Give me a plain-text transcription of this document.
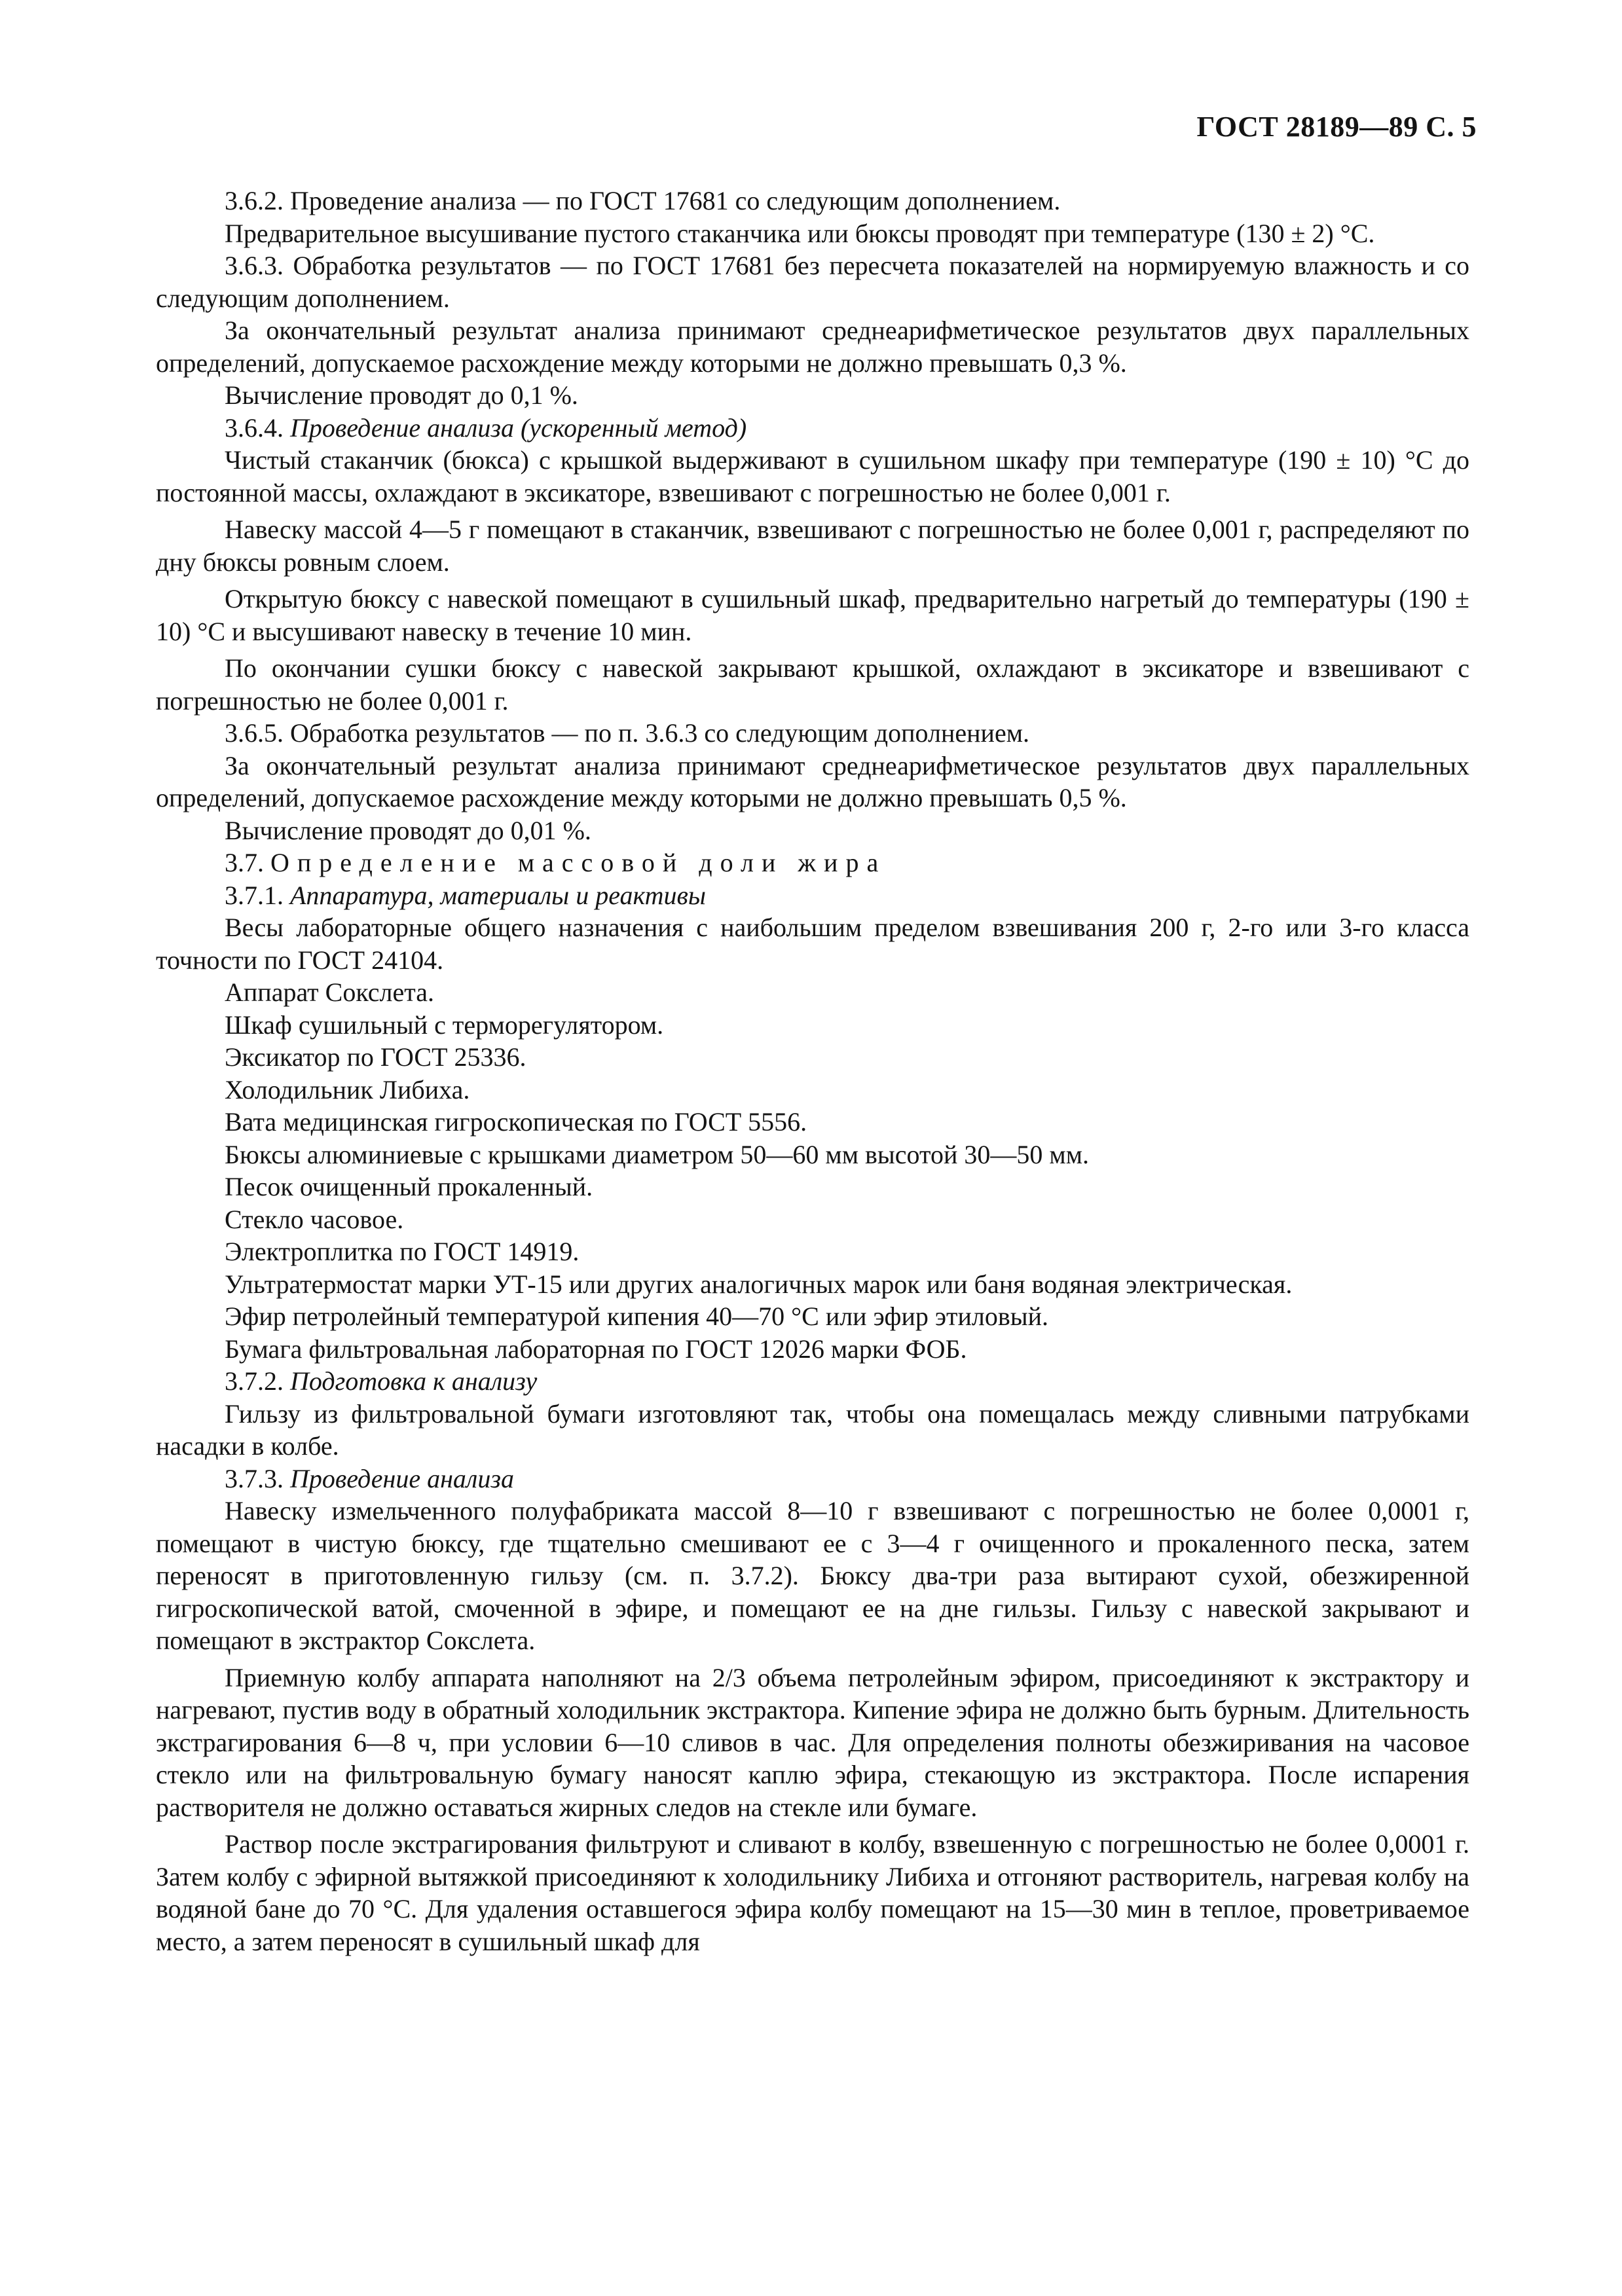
ГОСТ 28189—89 С. 5

3.6.2. Проведение анализа — по ГОСТ 17681 со следующим дополнением.

Предварительное высушивание пустого стаканчика или бюксы проводят при температуре (130 ± 2) °С.

3.6.3. Обработка результатов — по ГОСТ 17681 без пересчета показателей на нормируемую влажность и со следующим дополнением.

За окончательный результат анализа принимают среднеарифметическое результатов двух параллельных определений, допускаемое расхождение между которыми не должно превышать 0,3 %.

Вычисление проводят до 0,1 %.

3.6.4. Проведение анализа (ускоренный метод)

Чистый стаканчик (бюкса) с крышкой выдерживают в сушильном шкафу при температуре (190 ± 10) °С до постоянной массы, охлаждают в эксикаторе, взвешивают с погрешностью не более 0,001 г.

Навеску массой 4—5 г помещают в стаканчик, взвешивают с погрешностью не более 0,001 г, распределяют по дну бюксы ровным слоем.

Открытую бюксу с навеской помещают в сушильный шкаф, предварительно нагретый до температуры (190 ± 10) °С и высушивают навеску в течение 10 мин.

По окончании сушки бюксу с навеской закрывают крышкой, охлаждают в эксикаторе и взвешивают с погрешностью не более 0,001 г.

3.6.5. Обработка результатов — по п. 3.6.3 со следующим дополнением.

За окончательный результат анализа принимают среднеарифметическое результатов двух параллельных определений, допускаемое расхождение между которыми не должно превышать 0,5 %.

Вычисление проводят до 0,01 %.

3.7. Определение массовой доли жира

3.7.1. Аппаратура, материалы и реактивы

Весы лабораторные общего назначения с наибольшим пределом взвешивания 200 г, 2-го или 3-го класса точности по ГОСТ 24104.

Аппарат Сокслета.

Шкаф сушильный с терморегулятором.

Эксикатор по ГОСТ 25336.

Холодильник Либиха.

Вата медицинская гигроскопическая по ГОСТ 5556.

Бюксы алюминиевые с крышками диаметром 50—60 мм высотой 30—50 мм.

Песок очищенный прокаленный.

Стекло часовое.

Электроплитка по ГОСТ 14919.

Ультратермостат марки УТ-15 или других аналогичных марок или баня водяная электрическая.

Эфир петролейный температурой кипения 40—70 °С или эфир этиловый.

Бумага фильтровальная лабораторная по ГОСТ 12026 марки ФОБ.

3.7.2. Подготовка к анализу

Гильзу из фильтровальной бумаги изготовляют так, чтобы она помещалась между сливными патрубками насадки в колбе.

3.7.3. Проведение анализа

Навеску измельченного полуфабриката массой 8—10 г взвешивают с погрешностью не более 0,0001 г, помещают в чистую бюксу, где тщательно смешивают ее с 3—4 г очищенного и прокаленного песка, затем переносят в приготовленную гильзу (см. п. 3.7.2). Бюксу два-три раза вытирают сухой, обезжиренной гигроскопической ватой, смоченной в эфире, и помещают ее на дне гильзы. Гильзу с навеской закрывают и помещают в экстрактор Сокслета.

Приемную колбу аппарата наполняют на 2/3 объема петролейным эфиром, присоединяют к экстрактору и нагревают, пустив воду в обратный холодильник экстрактора. Кипение эфира не должно быть бурным. Длительность экстрагирования 6—8 ч, при условии 6—10 сливов в час. Для определения полноты обезжиривания на часовое стекло или на фильтровальную бумагу наносят каплю эфира, стекающую из экстрактора. После испарения растворителя не должно оставаться жирных следов на стекле или бумаге.

Раствор после экстрагирования фильтруют и сливают в колбу, взвешенную с погрешностью не более 0,0001 г. Затем колбу с эфирной вытяжкой присоединяют к холодильнику Либиха и отгоняют растворитель, нагревая колбу на водяной бане до 70 °С. Для удаления оставшегося эфира колбу помещают на 15—30 мин в теплое, проветриваемое место, а затем переносят в сушильный шкаф для
